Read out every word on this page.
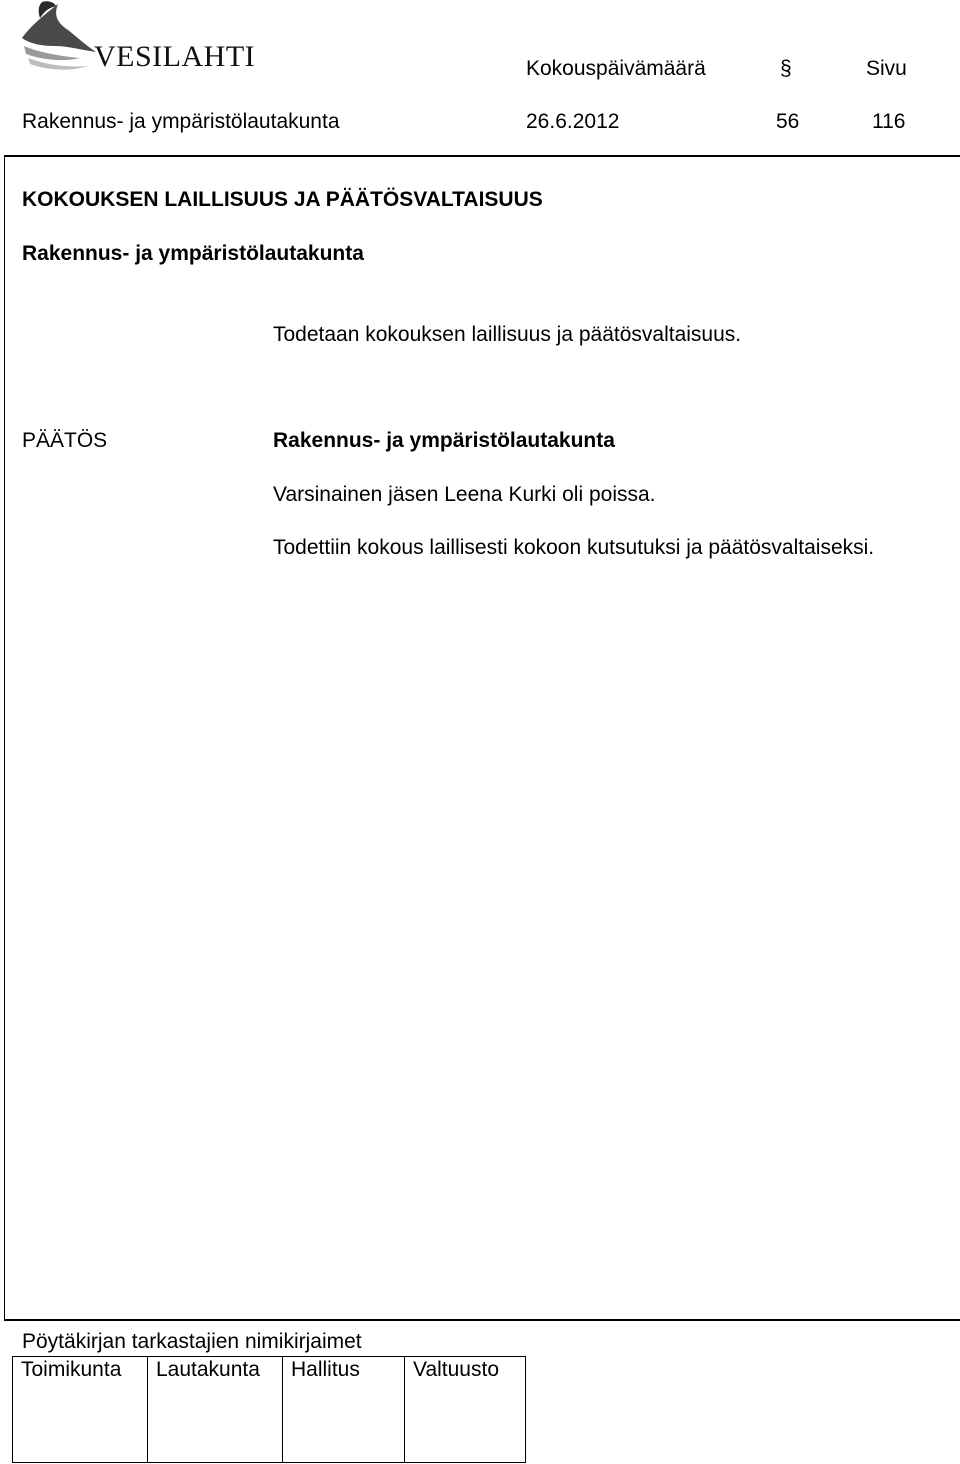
VESILAHTI	Kokouspäivämäärä	§	Sivu
Rakennus- ja ympäristölautakunta	26.6.2012	56	116
KOKOUKSEN LAILLISUUS JA PÄÄTÖSVALTAISUUS
Rakennus- ja ympäristölautakunta
Todetaan kokouksen laillisuus ja päätösvaltaisuus.
PÄÄTÖS	Rakennus- ja ympäristölautakunta
Varsinainen jäsen Leena Kurki oli poissa.
Todettiin kokous laillisesti kokoon kutsutuksi ja päätösvaltaiseksi.
Pöytäkirjan tarkastajien nimikirjaimet
Toimikunta	Lautakunta	Hallitus	Valtuusto
